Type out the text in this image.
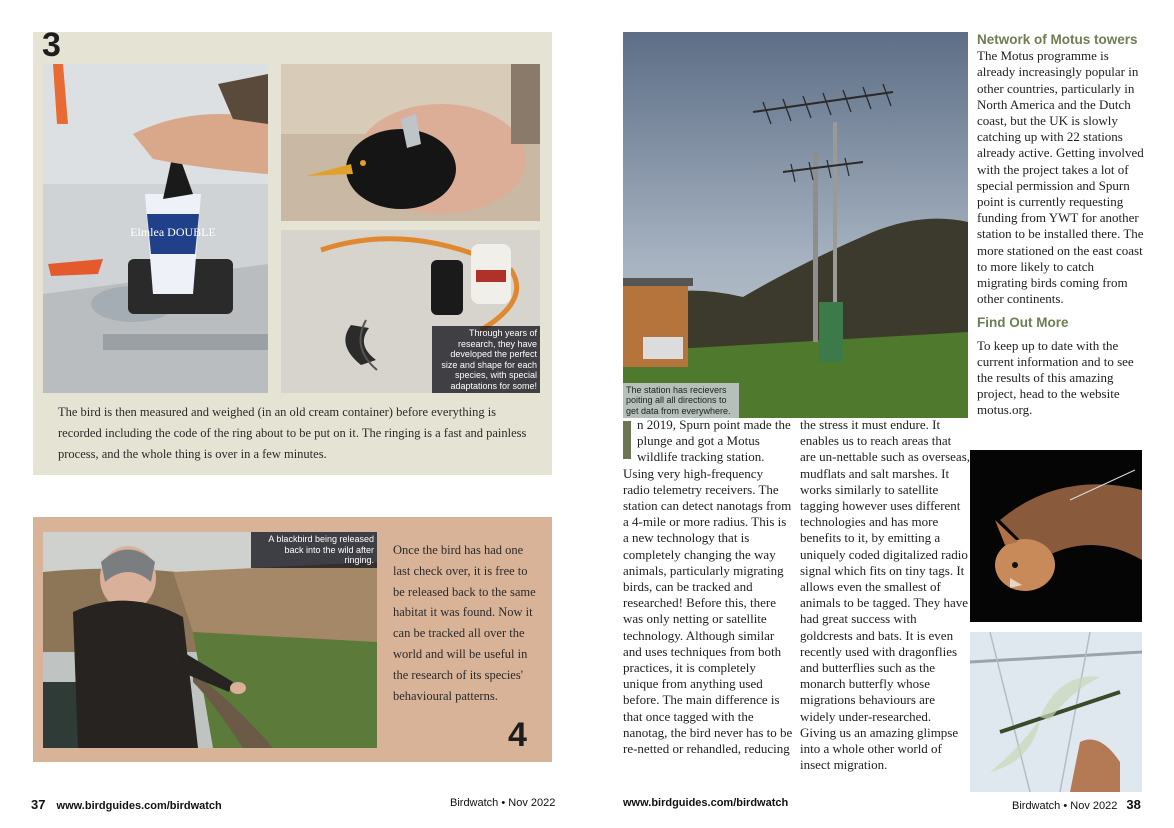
3
Elmlea DOUBLE
Through years of research, they have developed the perfect size and shape for each species, with special adaptations for some!
The bird is then measured and weighed (in an old cream container) before everything is recorded including the code of the ring about to be put on it. The ringing is a fast and painless process, and the whole thing is over in a few minutes.
A blackbird being released back into the wild after ringing.
Once the bird has had one last check over, it is free to be released back to the same habitat it was found. Now it can be tracked all over the world and will be useful in the research of its species' behavioural patterns.
4
37 www.birdguides.com/birdwatch	Birdwatch • Nov 2022
The station has recievers poiting all all directions to get data from everywhere.

n 2019, Spurn point made the plunge and got a Motus wildlife tracking station. Using very high-frequency radio telemetry receivers. The station can detect nanotags from a 4-mile or more radius. This is a new technology that is completely changing the way animals, particularly migrating birds, can be tracked and researched! Before this, there was only netting or satellite technology. Although similar and uses techniques from both practices, it is completely unique from anything used before. The main difference is that once tagged with the nanotag, the bird never has to be re-netted or rehandled, reducing

the stress it must endure. It enables us to reach areas that are un-nettable such as overseas, mudflats and salt marshes. It works similarly to satellite tagging however uses different technologies and has more benefits to it, by emitting a uniquely coded digitalized radio signal which fits on tiny tags. It allows even the smallest of animals to be tagged. They have had great success with goldcrests and bats. It is even recently used with dragonflies and butterflies such as the monarch butterfly whose migrations behaviours are widely under-researched. Giving us an amazing glimpse into a whole other world of insect migration.

Network of Motus towers

The Motus programme is already increasingly popular in other countries, particularly in North America and the Dutch coast, but the UK is slowly catching up with 22 stations already active. Getting involved with the project takes a lot of special permission and Spurn point is currently requesting funding from YWT for another station to be installed there. The more stationed on the east coast to more likely to catch migrating birds coming from other continents.

Find Out More

To keep up to date with the current information and to see the results of this amazing project, head to the website motus.org.

www.birdguides.com/birdwatch	Birdwatch • Nov 2022 38
